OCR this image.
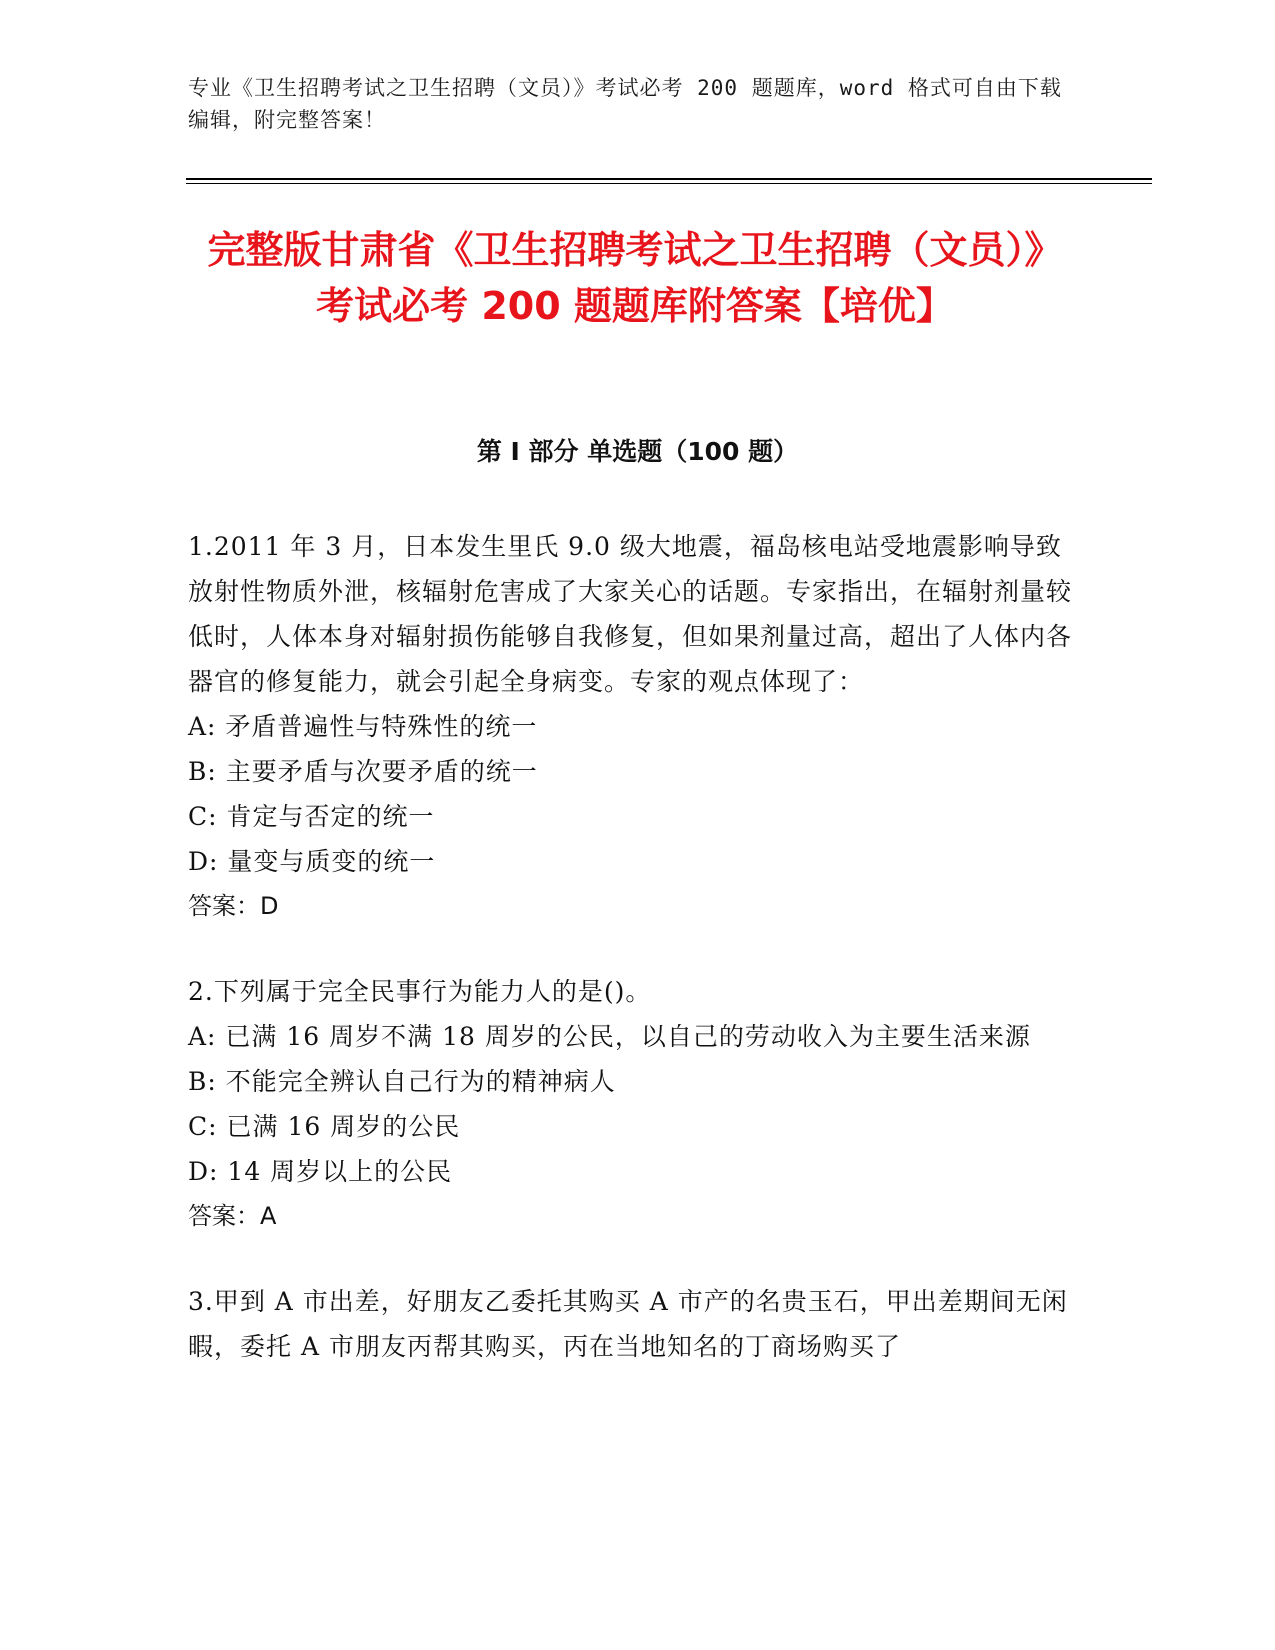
专业《卫生招聘考试之卫生招聘（文员）》考试必考 200 题题库，word 格式可自由下载编辑，附完整答案！
完整版甘肃省《卫生招聘考试之卫生招聘（文员）》考试必考 200 题题库附答案【培优】
第 I 部分 单选题（100 题）
1.2011 年 3 月，日本发生里氏 9.0 级大地震，福岛核电站受地震影响导致放射性物质外泄，核辐射危害成了大家关心的话题。专家指出，在辐射剂量较低时，人体本身对辐射损伤能够自我修复，但如果剂量过高，超出了人体内各器官的修复能力，就会引起全身病变。专家的观点体现了：
A: 矛盾普遍性与特殊性的统一
B: 主要矛盾与次要矛盾的统一
C: 肯定与否定的统一
D: 量变与质变的统一
答案：D
2.下列属于完全民事行为能力人的是()。
A: 已满 16 周岁不满 18 周岁的公民，以自己的劳动收入为主要生活来源
B: 不能完全辨认自己行为的精神病人
C: 已满 16 周岁的公民
D: 14 周岁以上的公民
答案：A
3.甲到 A 市出差，好朋友乙委托其购买 A 市产的名贵玉石，甲出差期间无闲暇，委托 A 市朋友丙帮其购买，丙在当地知名的丁商场购买了
